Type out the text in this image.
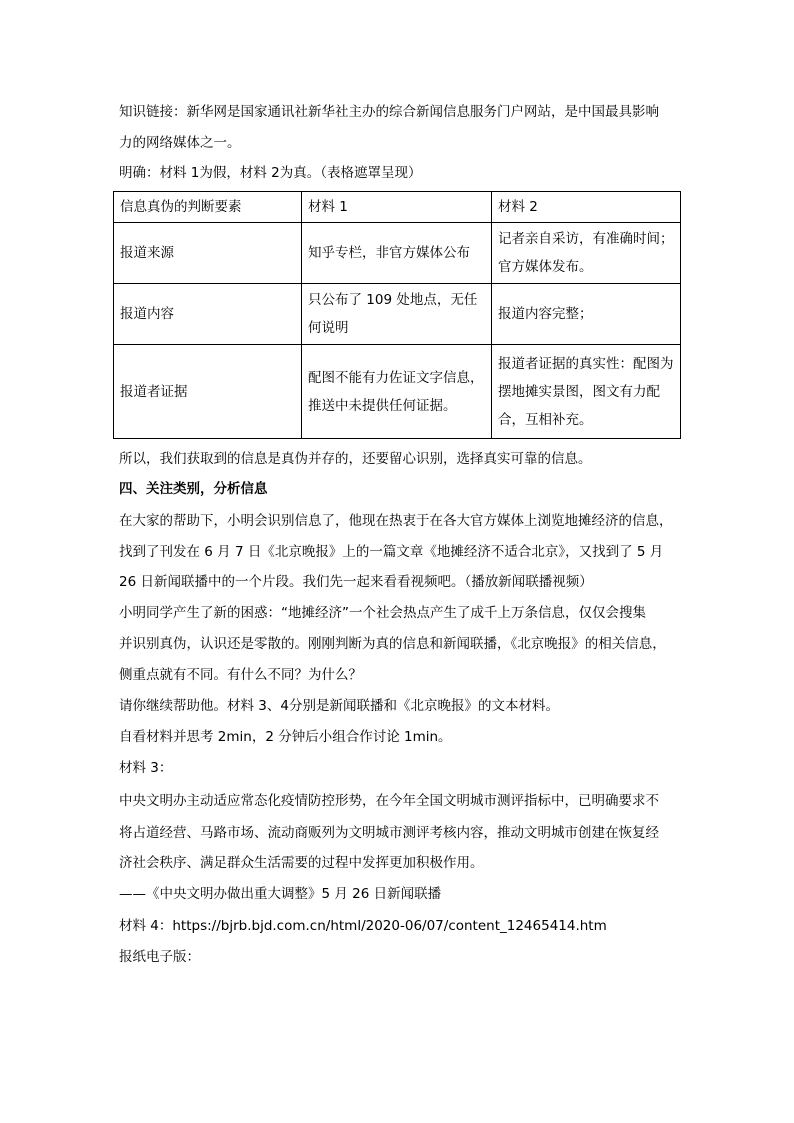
知识链接：新华网是国家通讯社新华社主办的综合新闻信息服务门户网站，是中国最具影响
力的网络媒体之一。
明确：材料 1为假，材料 2为真。（表格遮罩呈现）
信息真伪的判断要素	材料 1	材料 2
报道来源	知乎专栏，非官方媒体公布	记者亲自采访，有准确时间；
官方媒体发布。

报道内容	只公布了 109 处地点，无任
何说明	报道内容完整；

报道者证据	配图不能有力佐证文字信息，
推送中未提供任何证据。	报道者证据的真实性：配图为
摆地摊实景图，图文有力配
合，互相补充。
所以，我们获取到的信息是真伪并存的，还要留心识别，选择真实可靠的信息。
四、关注类别，分析信息
在大家的帮助下，小明会识别信息了，他现在热衷于在各大官方媒体上浏览地摊经济的信息，
找到了刊发在 6 月 7 日《北京晚报》上的一篇文章《地摊经济不适合北京》，又找到了 5 月
26 日新闻联播中的一个片段。我们先一起来看看视频吧。（播放新闻联播视频）
小明同学产生了新的困惑：“地摊经济”一个社会热点产生了成千上万条信息，仅仅会搜集
并识别真伪，认识还是零散的。刚刚判断为真的信息和新闻联播，《北京晚报》的相关信息，
侧重点就有不同。有什么不同？为什么？
请你继续帮助他。材料 3、4分别是新闻联播和《北京晚报》的文本材料。
自看材料并思考 2min，2 分钟后小组合作讨论 1min。
材料 3：
中央文明办主动适应常态化疫情防控形势，在今年全国文明城市测评指标中，已明确要求不
将占道经营、马路市场、流动商贩列为文明城市测评考核内容，推动文明城市创建在恢复经
济社会秩序、满足群众生活需要的过程中发挥更加积极作用。
——《中央文明办做出重大调整》5 月 26 日新闻联播
材料 4：https://bjrb.bjd.com.cn/html/2020-06/07/content_12465414.htm
报纸电子版：
